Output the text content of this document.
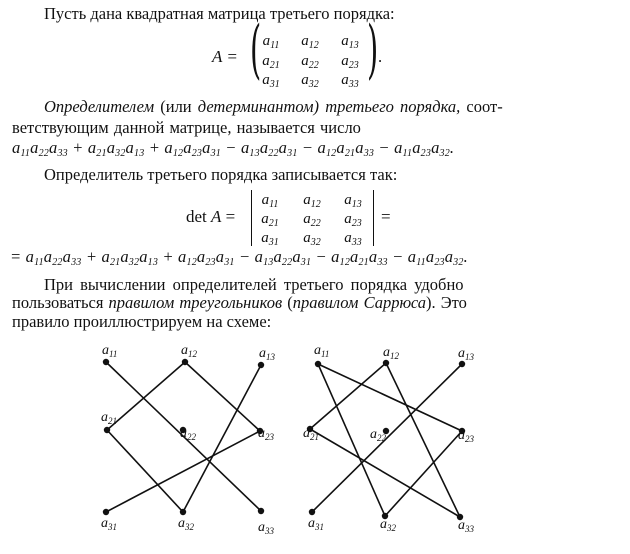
Пусть дана квадратная матрица третьего порядка:
A = ( )
$a_{11}$	$a_{12}$	$a_{13}$
$a_{21}$	$a_{22}$	$a_{23}$
$a_{31}$	$a_{32}$	$a_{33}$
.
Определителем (или детерминантом) третьего порядка, соот-
ветствующим данной матрице, называется число
$a_{11}a_{22}a_{33} + a_{21}a_{32}a_{13} + a_{12}a_{23}a_{31} - a_{13}a_{22}a_{31} - a_{12}a_{21}a_{33} - a_{11}a_{23}a_{32}$.
Определитель третьего порядка записывается так:
det A =
$a_{11}$	$a_{12}$	$a_{13}$
$a_{21}$	$a_{22}$	$a_{23}$
$a_{31}$	$a_{32}$	$a_{33}$
=
= $a_{11}a_{22}a_{33} + a_{21}a_{32}a_{13} + a_{12}a_{23}a_{31} - a_{13}a_{22}a_{31} - a_{12}a_{21}a_{33} - a_{11}a_{23}a_{32}$.
При вычислении определителей третьего порядка удобно
пользоваться правилом треугольников (правилом Саррюса). Это
правило проиллюстрируем на схеме:
$a_{11}$	$a_{12}$	$a_{13}$
$a_{21}$
$a_{22}$	$a_{23}$
$a_{31}$	$a_{32}$	$a_{33}$
$a_{11}$	$a_{12}$	$a_{13}$
$a_{21}$	$a_{22}$	$a_{23}$
$a_{31}$	$a_{32}$	$a_{33}$
